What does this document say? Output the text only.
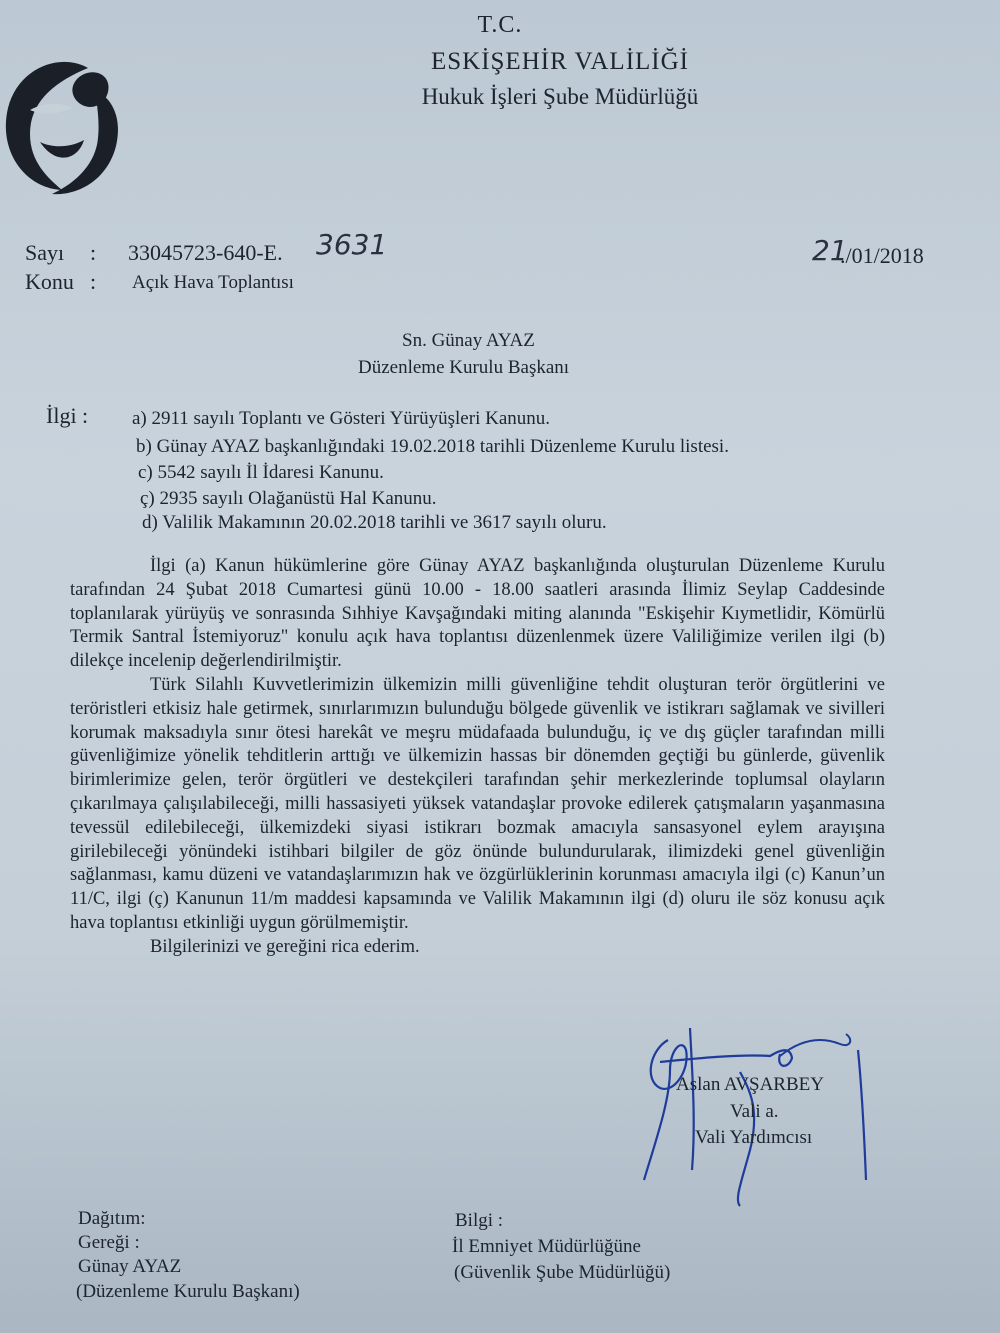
T.C.
ESKİŞEHİR VALİLİĞİ
Hukuk İşleri Şube Müdürlüğü
Sayı : 33045723-640-E. 3631
Konu : Açık Hava Toplantısı
21
./01/2018
Sn. Günay AYAZ
Düzenleme Kurulu Başkanı
İlgi : a) 2911 sayılı Toplantı ve Gösteri Yürüyüşleri Kanunu.
b) Günay AYAZ başkanlığındaki 19.02.2018 tarihli Düzenleme Kurulu listesi.
c) 5542 sayılı İl İdaresi Kanunu.
ç) 2935 sayılı Olağanüstü Hal Kanunu.
d) Valilik Makamının 20.02.2018 tarihli ve 3617 sayılı oluru.

İlgi (a) Kanun hükümlerine göre Günay AYAZ başkanlığında oluşturulan Düzenleme Kurulu tarafından 24 Şubat 2018 Cumartesi günü 10.00 - 18.00 saatleri arasında İlimiz Seylap Caddesinde toplanılarak yürüyüş ve sonrasında Sıhhiye Kavşağındaki miting alanında "Eskişehir Kıymetlidir, Kömürlü Termik Santral İstemiyoruz" konulu açık hava toplantısı düzenlenmek üzere Valiliğimize verilen ilgi (b) dilekçe incelenip değerlendirilmiştir.

Türk Silahlı Kuvvetlerimizin ülkemizin milli güvenliğine tehdit oluşturan terör örgütlerini ve teröristleri etkisiz hale getirmek, sınırlarımızın bulunduğu bölgede güvenlik ve istikrarı sağlamak ve sivilleri korumak maksadıyla sınır ötesi harekât ve meşru müdafaada bulunduğu, iç ve dış güçler tarafından milli güvenliğimize yönelik tehditlerin arttığı ve ülkemizin hassas bir dönemden geçtiği bu günlerde, güvenlik birimlerimize gelen, terör örgütleri ve destekçileri tarafından şehir merkezlerinde toplumsal olayların çıkarılmaya çalışılabileceği, milli hassasiyeti yüksek vatandaşlar provoke edilerek çatışmaların yaşanmasına tevessül edilebileceği, ülkemizdeki siyasi istikrarı bozmak amacıyla sansasyonel eylem arayışına girilebileceği yönündeki istihbari bilgiler de göz önünde bulundurularak, ilimizdeki genel güvenliğin sağlanması, kamu düzeni ve vatandaşlarımızın hak ve özgürlüklerinin korunması amacıyla ilgi (c) Kanun’un 11/C, ilgi (ç) Kanunun 11/m maddesi kapsamında ve Valilik Makamının ilgi (d) oluru ile söz konusu açık hava toplantısı etkinliği uygun görülmemiştir.

Bilgilerinizi ve gereğini rica ederim.

Aslan AVŞARBEY
Vali a.
Vali Yardımcısı
Dağıtım:
Gereği :
Günay AYAZ
(Düzenleme Kurulu Başkanı)
Bilgi :
İl Emniyet Müdürlüğüne
(Güvenlik Şube Müdürlüğü)
